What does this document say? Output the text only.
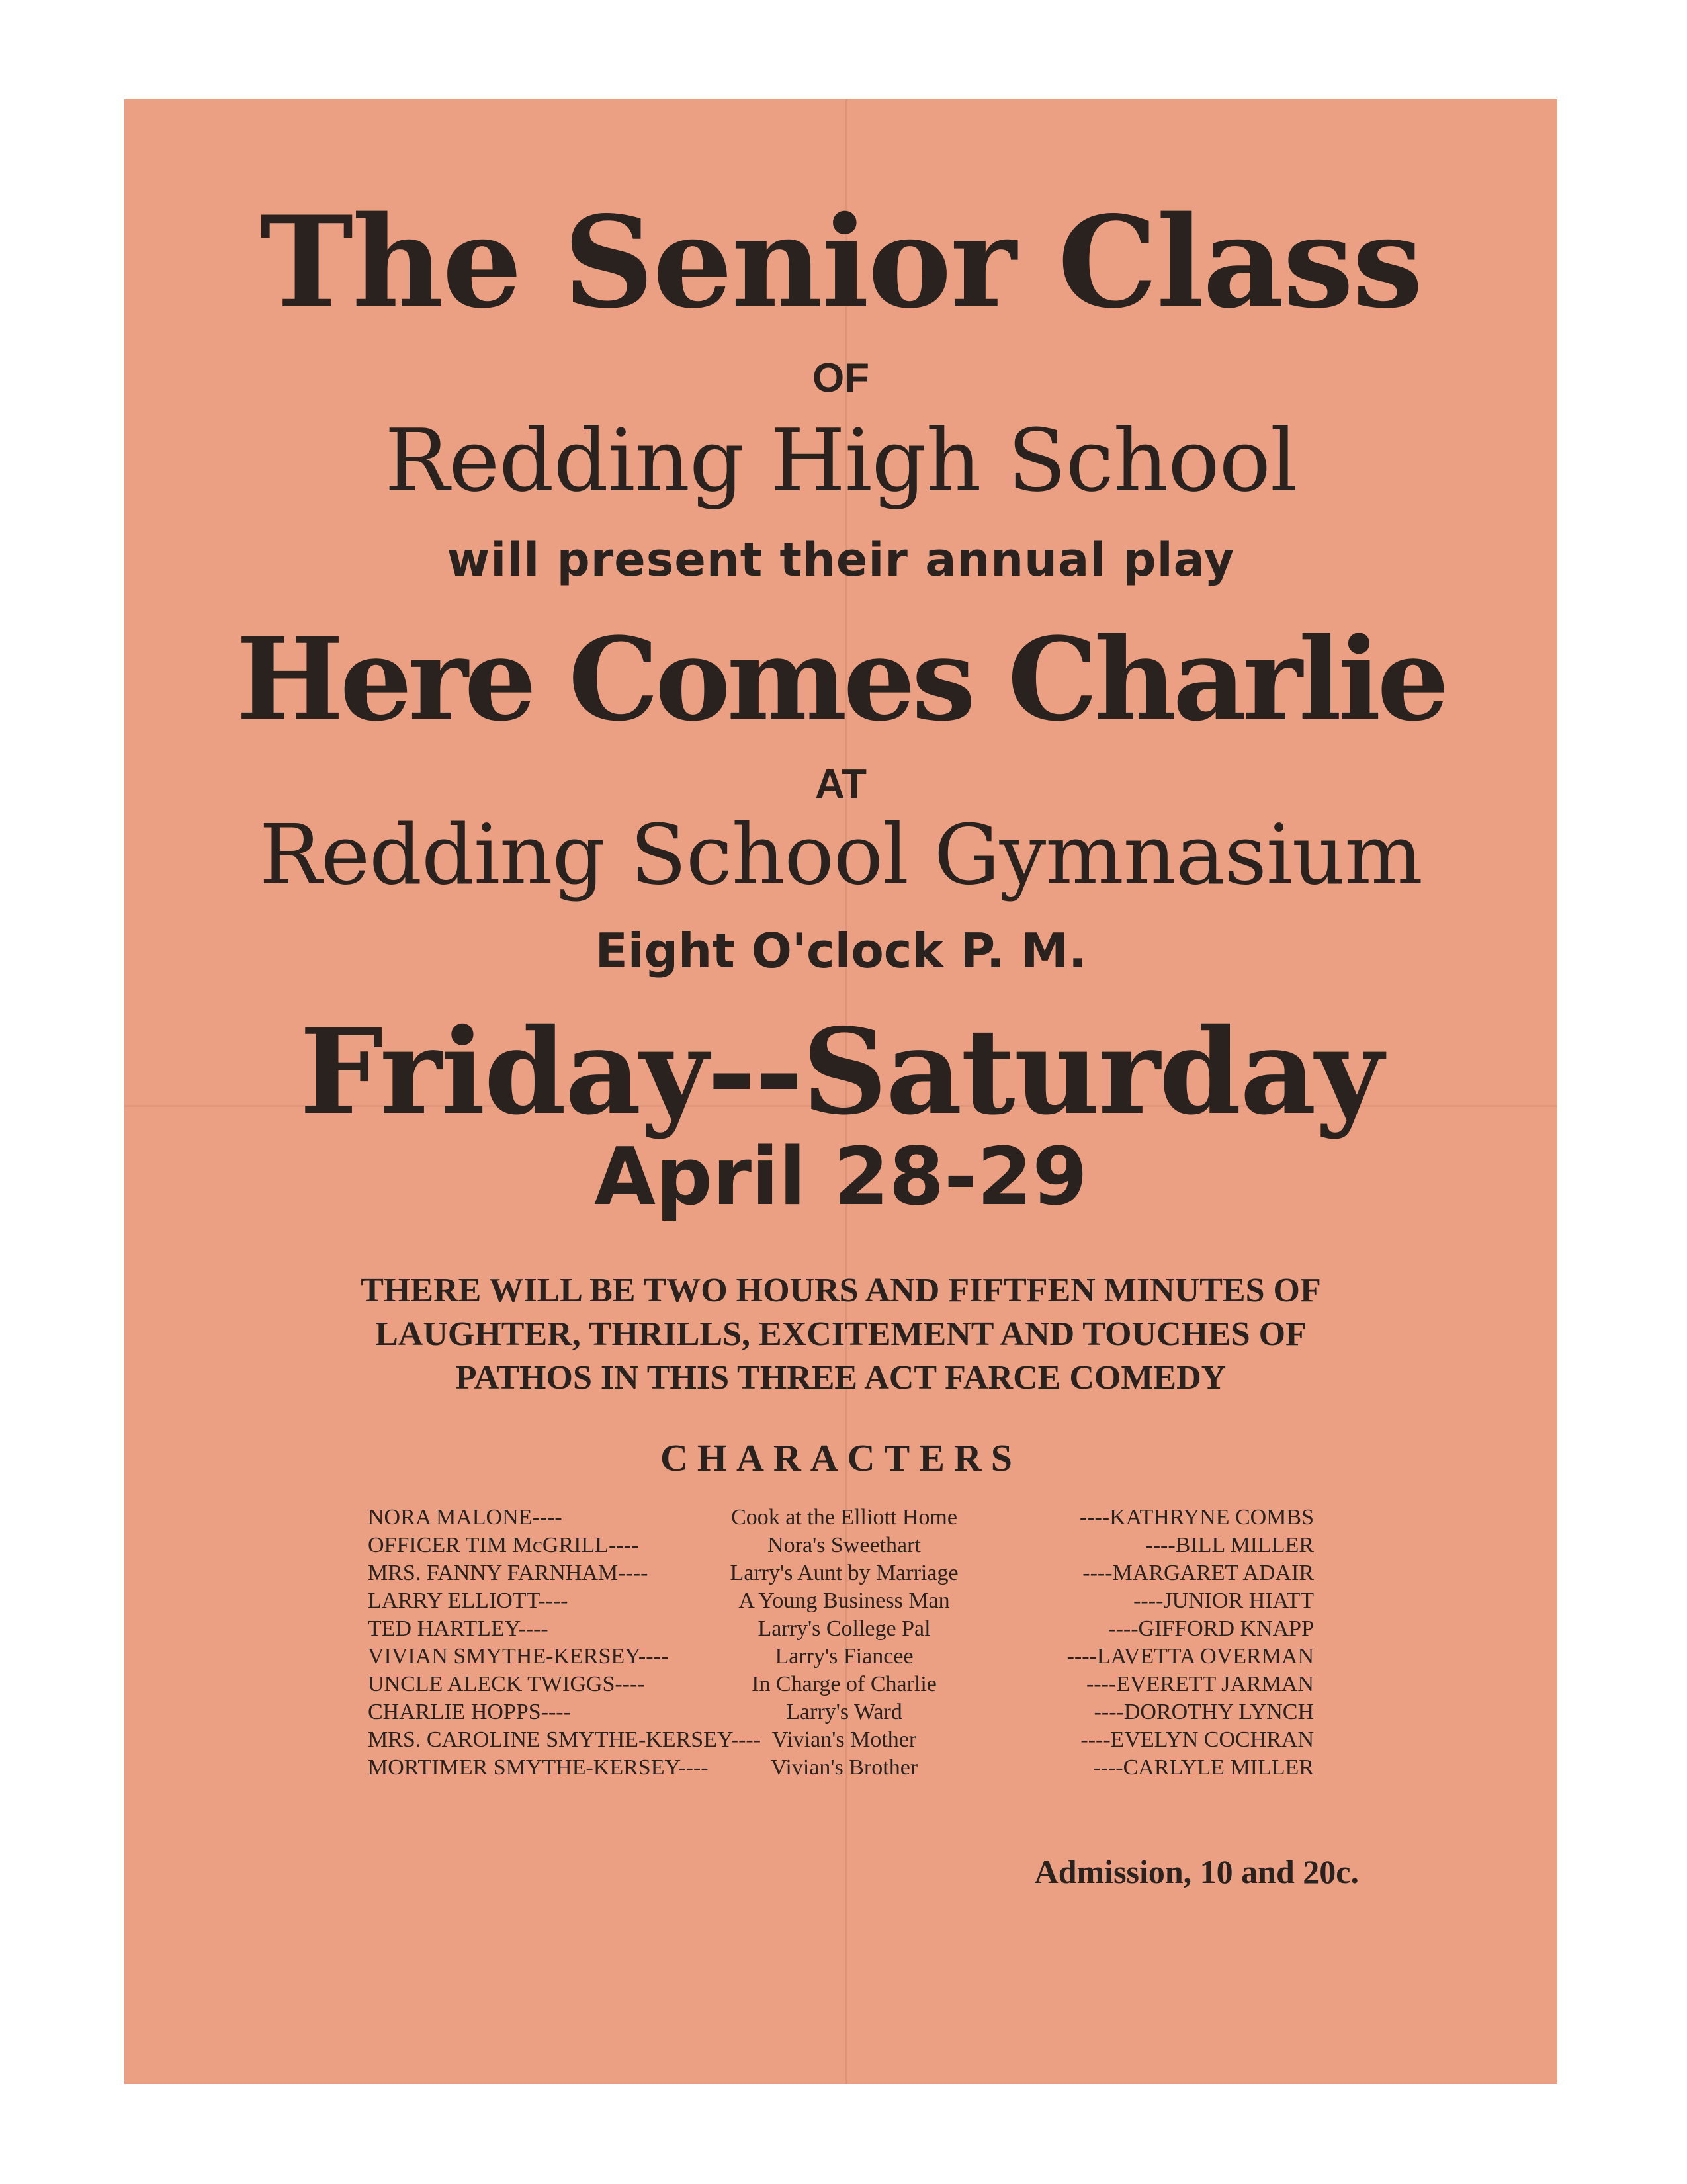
The Senior Class
OF
Redding High School
will present their annual play
Here Comes Charlie
AT
Redding School Gymnasium
Eight O'clock P. M.
Friday--Saturday
April 28-29
THERE WILL BE TWO HOURS AND FIFTFEN MINUTES OF
LAUGHTER, THRILLS, EXCITEMENT AND TOUCHES OF
PATHOS IN THIS THREE ACT FARCE COMEDY
CHARACTERS
NORA MALONE----	Cook at the Elliott Home	----KATHRYNE COMBS
OFFICER TIM McGRILL----	Nora's Sweethart	----BILL MILLER
MRS. FANNY FARNHAM----	Larry's Aunt by Marriage	----MARGARET ADAIR
LARRY ELLIOTT----	A Young Business Man	----JUNIOR HIATT
TED HARTLEY----	Larry's College Pal	----GIFFORD KNAPP
VIVIAN SMYTHE-KERSEY----	Larry's Fiancee	----LAVETTA OVERMAN
UNCLE ALECK TWIGGS----	In Charge of Charlie	----EVERETT JARMAN
CHARLIE HOPPS----	Larry's Ward	----DOROTHY LYNCH
MRS. CAROLINE SMYTHE-KERSEY---- Vivian's Mother	----EVELYN COCHRAN
MORTIMER SMYTHE-KERSEY----	Vivian's Brother	----CARLYLE MILLER
Admission, 10 and 20c.
